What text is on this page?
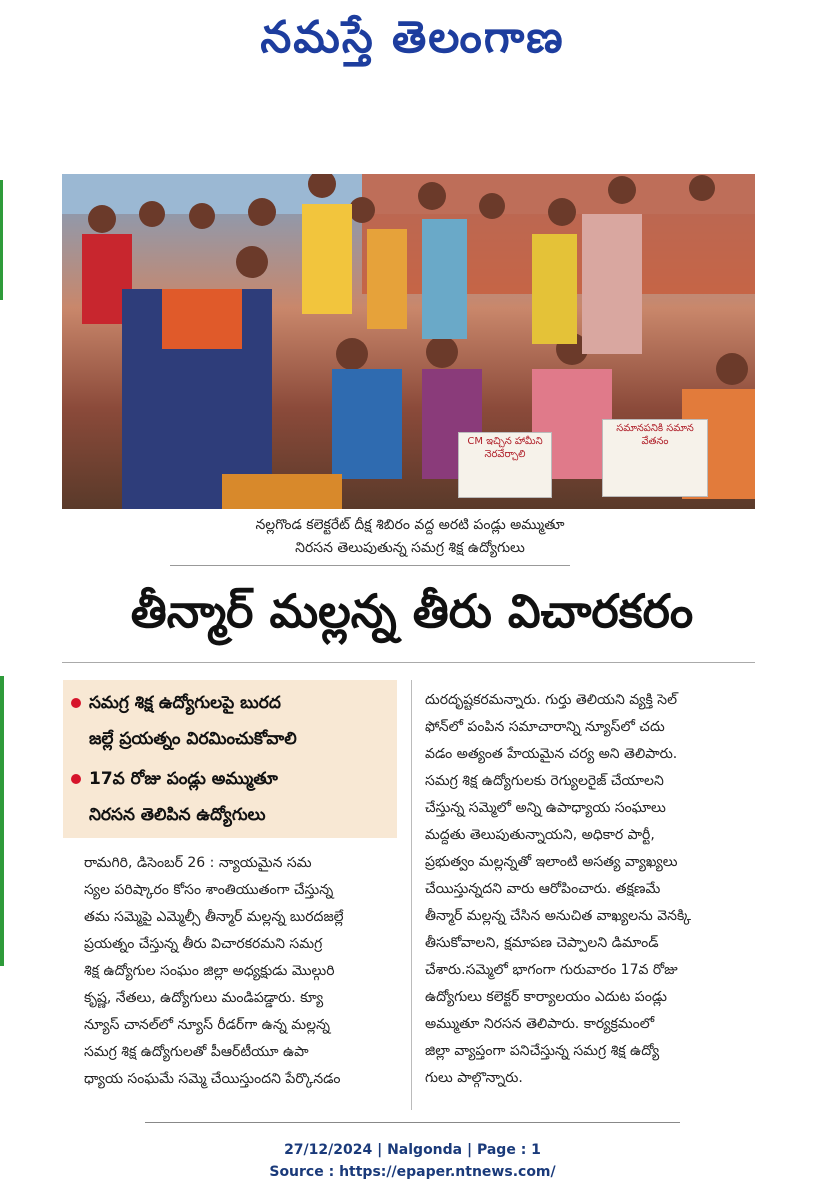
నమస్తే తెలంగాణ
CM ఇచ్చిన హామీని నెరవేర్చాలి
సమానపనికి సమాన వేతనం
నల్లగొండ కలెక్టరేట్ దీక్ష శిబిరం వద్ద అరటి పండ్లు అమ్ముతూ
నిరసన తెలుపుతున్న సమగ్ర శిక్ష ఉద్యోగులు
తీన్మార్ మల్లన్న తీరు విచారకరం
సమగ్ర శిక్ష ఉద్యోగులపై బురద
జల్లే ప్రయత్నం విరమించుకోవాలి
17వ రోజు పండ్లు అమ్ముతూ
నిరసన తెలిపిన ఉద్యోగులు
రామగిరి, డిసెంబర్ 26 : న్యాయమైన సమ
స్యల పరిష్కారం కోసం శాంతియుతంగా చేస్తున్న
తమ సమ్మెపై ఎమ్మెల్సీ తీన్మార్ మల్లన్న బురదజల్లే
ప్రయత్నం చేస్తున్న తీరు విచారకరమని సమగ్ర
శిక్ష ఉద్యోగుల సంఘం జిల్లా అధ్యక్షుడు మొల్గురి
కృష్ణ, నేతలు, ఉద్యోగులు మండిపడ్డారు. క్యూ
న్యూస్ చానల్‌లో న్యూస్ రీడర్‌గా ఉన్న మల్లన్న
సమగ్ర శిక్ష ఉద్యోగులతో పీఆర్‌టీయూ ఉపా
ధ్యాయ సంఘమే సమ్మె చేయిస్తుందని పేర్కొనడం
దురదృష్టకరమన్నారు. గుర్తు తెలియని వ్యక్తి సెల్
ఫోన్‌లో పంపిన సమాచారాన్ని న్యూస్‌లో చదు
వడం అత్యంత హేయమైన చర్య అని తెలిపారు.
సమగ్ర శిక్ష ఉద్యోగులకు రెగ్యులరైజ్ చేయాలని
చేస్తున్న సమ్మెలో అన్ని ఉపాధ్యాయ సంఘాలు
మద్దతు తెలుపుతున్నాయని, అధికార పార్టీ,
ప్రభుత్వం మల్లన్నతో ఇలాంటి అసత్య వ్యాఖ్యలు
చేయిస్తున్నదని వారు ఆరోపించారు. తక్షణమే
తీన్మార్ మల్లన్న చేసిన అనుచిత వాఖ్యలను వెనక్కి
తీసుకోవాలని, క్షమాపణ చెప్పాలని డిమాండ్
చేశారు.సమ్మెలో భాగంగా గురువారం 17వ రోజు
ఉద్యోగులు కలెక్టర్ కార్యాలయం ఎదుట పండ్లు
అమ్ముతూ నిరసన తెలిపారు. కార్యక్రమంలో
జిల్లా వ్యాప్తంగా పనిచేస్తున్న సమగ్ర శిక్ష ఉద్యో
గులు పాల్గొన్నారు.
27/12/2024 | Nalgonda | Page : 1
Source : https://epaper.ntnews.com/
